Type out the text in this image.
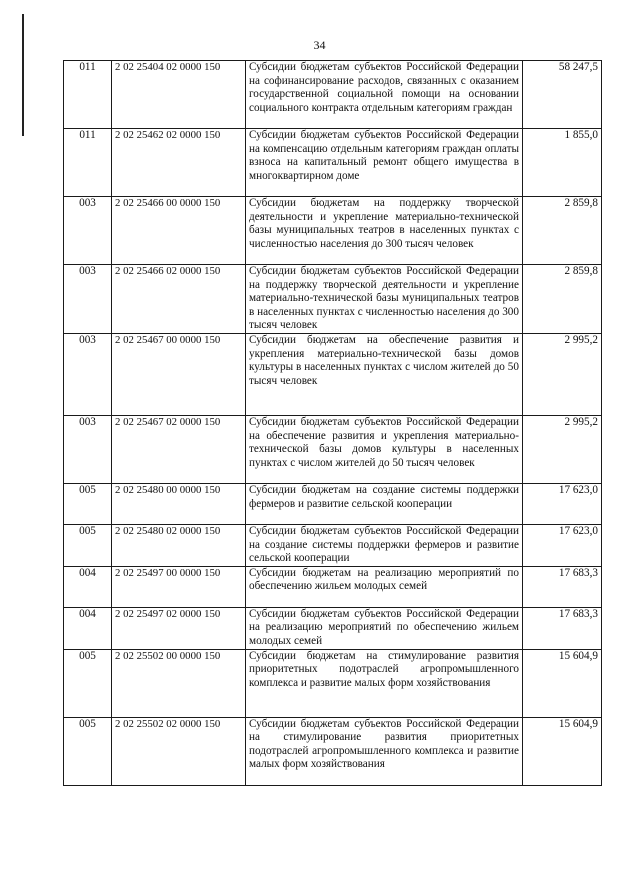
34
011	2 02 25404 02 0000 150	Субсидии бюджетам субъектов Российской Федерации на софинансирование расходов, связанных с оказанием государственной социальной помощи на основании социального контракта отдельным категориям граждан	58 247,5
011	2 02 25462 02 0000 150	Субсидии бюджетам субъектов Российской Федерации на компенсацию отдельным категориям граждан оплаты взноса на капитальный ремонт общего имущества в многоквартирном доме	1 855,0
003	2 02 25466 00 0000 150	Субсидии бюджетам на поддержку творческой деятельности и укрепление материально-технической базы муниципальных театров в населенных пунктах с численностью населения до 300 тысяч человек	2 859,8
003	2 02 25466 02 0000 150	Субсидии бюджетам субъектов Российской Федерации на поддержку творческой деятельности и укрепление материально-технической базы муниципальных театров в населенных пунктах с численностью населения до 300 тысяч человек	2 859,8
003	2 02 25467 00 0000 150	Субсидии бюджетам на обеспечение развития и укрепления материально-технической базы домов культуры в населенных пунктах с числом жителей до 50 тысяч человек	2 995,2
003	2 02 25467 02 0000 150	Субсидии бюджетам субъектов Российской Федерации на обеспечение развития и укрепления материально-технической базы домов культуры в населенных пунктах с числом жителей до 50 тысяч человек	2 995,2
005	2 02 25480 00 0000 150	Субсидии бюджетам на создание системы поддержки фермеров и развитие сельской кооперации	17 623,0
005	2 02 25480 02 0000 150	Субсидии бюджетам субъектов Российской Федерации на создание системы поддержки фермеров и развитие сельской кооперации	17 623,0
004	2 02 25497 00 0000 150	Субсидии бюджетам на реализацию мероприятий по обеспечению жильем молодых семей	17 683,3
004	2 02 25497 02 0000 150	Субсидии бюджетам субъектов Российской Федерации на реализацию мероприятий по обеспечению жильем молодых семей	17 683,3
005	2 02 25502 00 0000 150	Субсидии бюджетам на стимулирование развития приоритетных подотраслей агропромышленного комплекса и развитие малых форм хозяйствования	15 604,9
005	2 02 25502 02 0000 150	Субсидии бюджетам субъектов Российской Федерации на стимулирование развития приоритетных подотраслей агропромышленного комплекса и развитие малых форм хозяйствования	15 604,9
